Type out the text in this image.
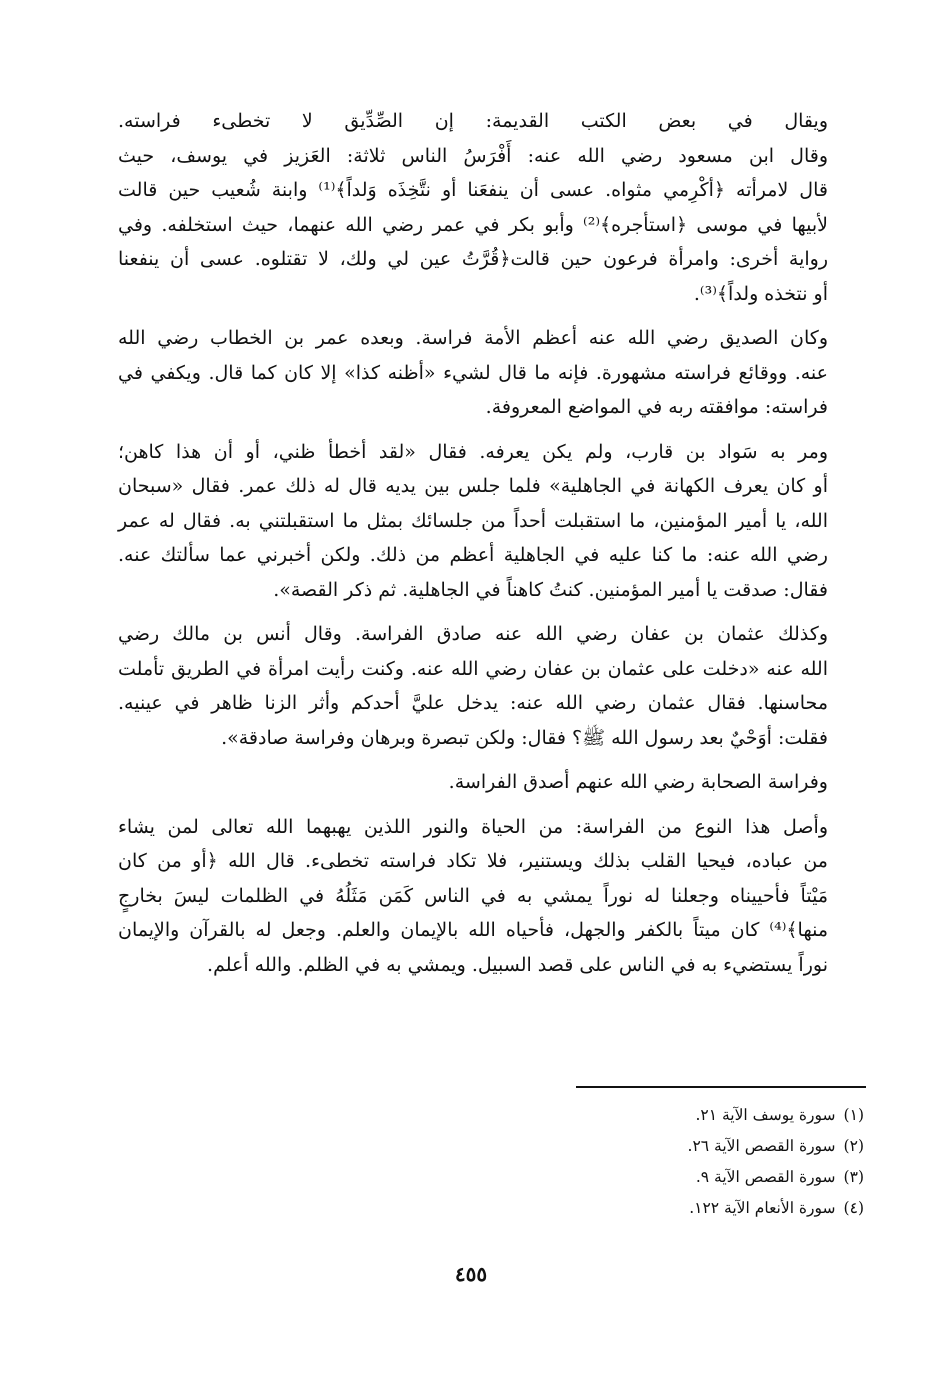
ويقال في بعض الكتب القديمة: إن الصِّدِّيق لا تخطىء فراسته.
وقال ابن مسعود رضي الله عنه: أَفْرَسُ الناس ثلاثة: العَزيز في يوسف، حيث
قال لامرأته ﴿أكْرِمي مثواه. عسى أن ينفعَنا أو نتَّخِذَه وَلداً﴾⁽¹⁾ وابنة شُعيب حين قالت
لأبيها في موسى ﴿استأجره﴾⁽²⁾ وأبو بكر في عمر رضي الله عنهما، حيث استخلفه. وفي
رواية أخرى: وامرأة فرعون حين قالت﴿قُرَّتُ عين لي ولك، لا تقتلوه. عسى أن ينفعنا
أو نتخذه ولداً﴾⁽³⁾.

وكان الصديق رضي الله عنه أعظم الأمة فراسة. وبعده عمر بن الخطاب رضي الله
عنه. ووقائع فراسته مشهورة. فإنه ما قال لشيء «أظنه كذا» إلا كان كما قال. ويكفي في
فراسته: موافقته ربه في المواضع المعروفة.

ومر به سَواد بن قارب، ولم يكن يعرفه. فقال «لقد أخطأ ظني، أو أن هذا كاهن؛
أو كان يعرف الكهانة في الجاهلية» فلما جلس بين يديه قال له ذلك عمر. فقال «سبحان
الله، يا أمير المؤمنين، ما استقبلت أحداً من جلسائك بمثل ما استقبلتني به. فقال له عمر
رضي الله عنه: ما كنا عليه في الجاهلية أعظم من ذلك. ولكن أخبرني عما سألتك عنه.
فقال: صدقت يا أمير المؤمنين. كنتُ كاهناً في الجاهلية. ثم ذكر القصة».

وكذلك عثمان بن عفان رضي الله عنه صادق الفراسة. وقال أنس بن مالك رضي
الله عنه «دخلت على عثمان بن عفان رضي الله عنه. وكنت رأيت امرأة في الطريق تأملت
محاسنها. فقال عثمان رضي الله عنه: يدخل عليَّ أحدكم وأثر الزنا ظاهر في عينيه.
فقلت: أوَحْيٌ بعد رسول الله ﷺ؟ فقال: ولكن تبصرة وبرهان وفراسة صادقة».

وفراسة الصحابة رضي الله عنهم أصدق الفراسة.

وأصل هذا النوع من الفراسة: من الحياة والنور اللذين يهبهما الله تعالى لمن يشاء
من عباده، فيحيا القلب بذلك ويستنير، فلا تكاد فراسته تخطىء. قال الله ﴿أو من كان
مَيْتاً فأحييناه وجعلنا له نوراً يمشي به في الناس كَمَن مَثَلُهُ في الظلمات ليسَ بخارجٍ
منها﴾⁽⁴⁾ كان ميتاً بالكفر والجهل، فأحياه الله بالإيمان والعلم. وجعل له بالقرآن والإيمان
نوراً يستضيء به في الناس على قصد السبيل. ويمشي به في الظلم. والله أعلم.

(١)سورة يوسف الآية ٢١.
(٢)سورة القصص الآية ٢٦.
(٣)سورة القصص الآية ٩.
(٤)سورة الأنعام الآية ١٢٢.
٤٥٥
